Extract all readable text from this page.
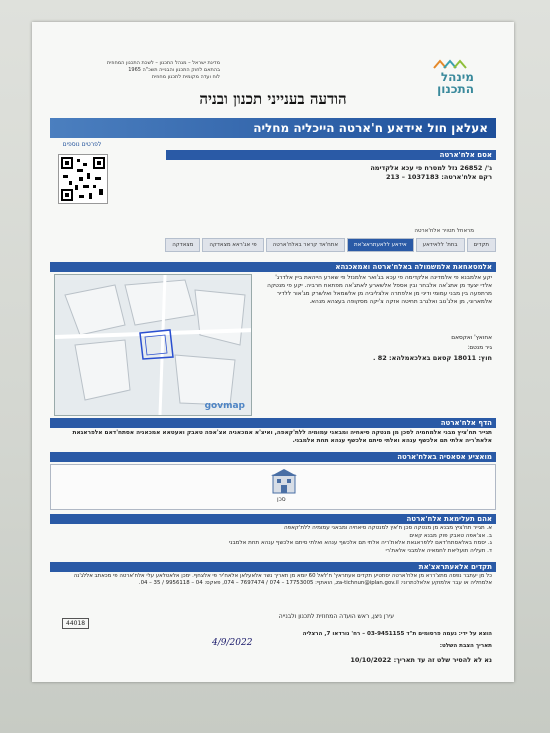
מינהל
התכנון
מדינת ישראל – מנהל התכנון – לשכת התכנון המחוזית
בהתאם לחוק התכנון והבנייה תשכ"ה 1965
לוח ועדה מקומית לתכנון מחוזית
הודעה בענייני תכנון ובניה
אעלאן חול אידאע ח'ארטה הייכליה מחליה
לפרטים נוספים
אסם אלח'ארטה
ג'/ 26852 נזל למסרח פי עכא אלקדימה
רקם אלח'ארטה: 1037183 – 213
מראחל תטויר אלח'ארטה
תקדים
בחת' ללאידאע
אידאע ללאעתראצ'את
אתח'אד קראר באלח'ארטה
פי אג'ראא מצאדקה
מצאדקה
אלמסאחאת אלמשמולה באלח'ארטה ואמאכנהא
יקע אלמבנא פי אלמדינה אלקדימה פי עכא בג'ואר אלמנזל פי שארע הייהאת ביין אלדרג' אלדי יצעד מן אתג'אה אלבחר ובין אספל אלשארע לאתג'אה מפתאח חרביה. יקע פי מנטקה מרתפעה בין מבני עמומי ודיני מן אלפתרה אלצליביה מן אלשמאל ואלשרק מג'אור ללדיר אלמארוני, מן אלג'נוב ואלגרב תחיטה אזקה צ'יקה מסקופה בעצהא מנהא.
אחואץ' ואקסאם
גיר מנטם:
חוץ: 18011 קסאם באלכאמלהא: 82 .
govmap
הדף אלח'ארטה
תגייר תח'ציץ מבני אלמחמיה לסכן מן מנטקה סיאחיה ומבאני עמומיה ללת'קאפה, ואיצ'א אמכאניה אצ'אפה טאבק ואעטאא אמכאניה אסתח'דאם אלפראגאת אלאת'ריה אלתי תם אלכשף ענהא ואלתי סיתם אלכשף ענהא תחת אלמבני.
מואציע אסאסיה באלח'ארטה
סכן
אהם תעלימאת אלח'ארטה
א. תגייר תח'ציץ מבנא מן מנטקה סכן ח'אץ למנטקה סיאחיה ומבאני עמומיה ללת'קאפה
ב. אצ'אפה טאבק פוק מבנא קאים
ג. יסמח באלאסתח'דאם ללפראגאת אלאת'ריה אלתי תם אלכשף ענהא ואלתי סיתם אלכשף ענהא תחת אלמבני
ד. תעליה תועליאת לחמאיה אלמבני אלאת'רי
תקדים אלאעתראצ'את
כל מן יעתבר נפסה מתצ'ררא מן אלח'ארטה יסתטיע תקדים אעתראץ' ח'לאל 60 יומא מן תאריך נשר אלאעלאן אלאח'יר פי אלצחף. ימכן אלאטלאע עלי אלח'ארטה פי מכאתב אללג'נה אלמחליה או עבר אלמוקע אלאלכתרוני: za-tichnun@iplan.gov.il, הואתף: 17753005 – 074 / 7697474 – 074, פאקס: 04 – 9956118 / 35 – 04.
44018
עירן ניצן, ראש הועדה המחוזית לתכנון ולבנייה
הוצא על ידי: נעמה פרסומים ת"ד 03-9451155 – רח' נורדאו 7, הרצליה
תאריך הצבת השלט:
4/9/2022
נא לא להסיר שלט זה עד תאריך: 10/10/2022
